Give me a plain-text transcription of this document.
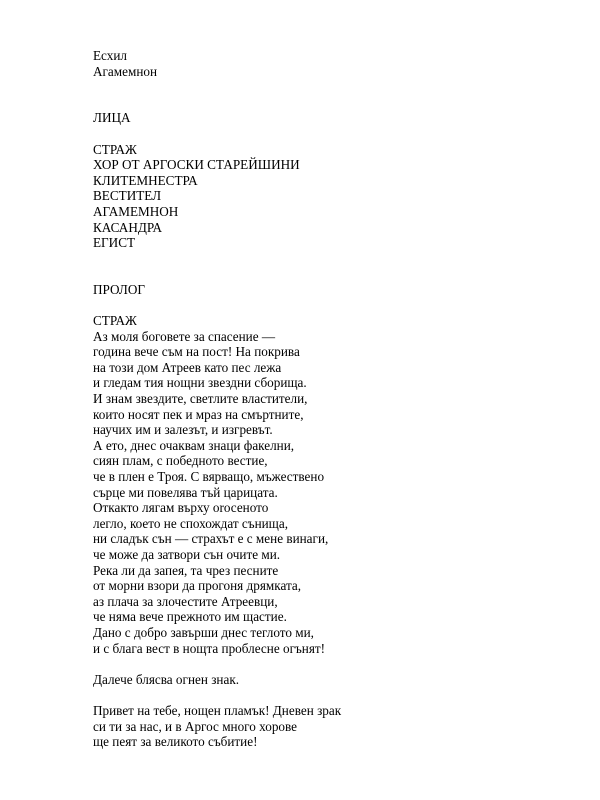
Есхил
Агамемнон
ЛИЦА
СТРАЖ
ХОР ОТ АРГОСКИ СТАРЕЙШИНИ
КЛИТЕМНЕСТРА
ВЕСТИТЕЛ
АГАМЕМНОН
КАСАНДРА
ЕГИСТ
ПРОЛОГ
СТРАЖ
Аз моля боговете за спасение —
година вече съм на пост! На покрива
на този дом Атреев като пес лежа
и гледам тия нощни звездни сборища.
И знам звездите, светлите властители,
които носят пек и мраз на смъртните,
научих им и залезът, и изгревът.
А ето, днес очаквам знаци факелни,
сиян плам, с победното вестие,
че в плен е Троя. С вярващо, мъжествено
сърце ми повелява тъй царицата.
Откакто лягам върху orосеното
легло, което не спохождат сънища,
ни сладък сън — страхът е с мене винаги,
че може да затвори сън очите ми.
Река ли да запея, та чрез песните
от морни взори да прогоня дрямката,
аз плача за злочестите Атреевци,
че няма вече прежното им щастие.
Дано с добро завърши днес теглото ми,
и с блага вест в нощта проблесне огънят!
Далече блясва огнен знак.
Привет на тебе, нощен пламък! Дневен зрак
си ти за нас, и в Аргос много хорове
ще пеят за великото събитие!
